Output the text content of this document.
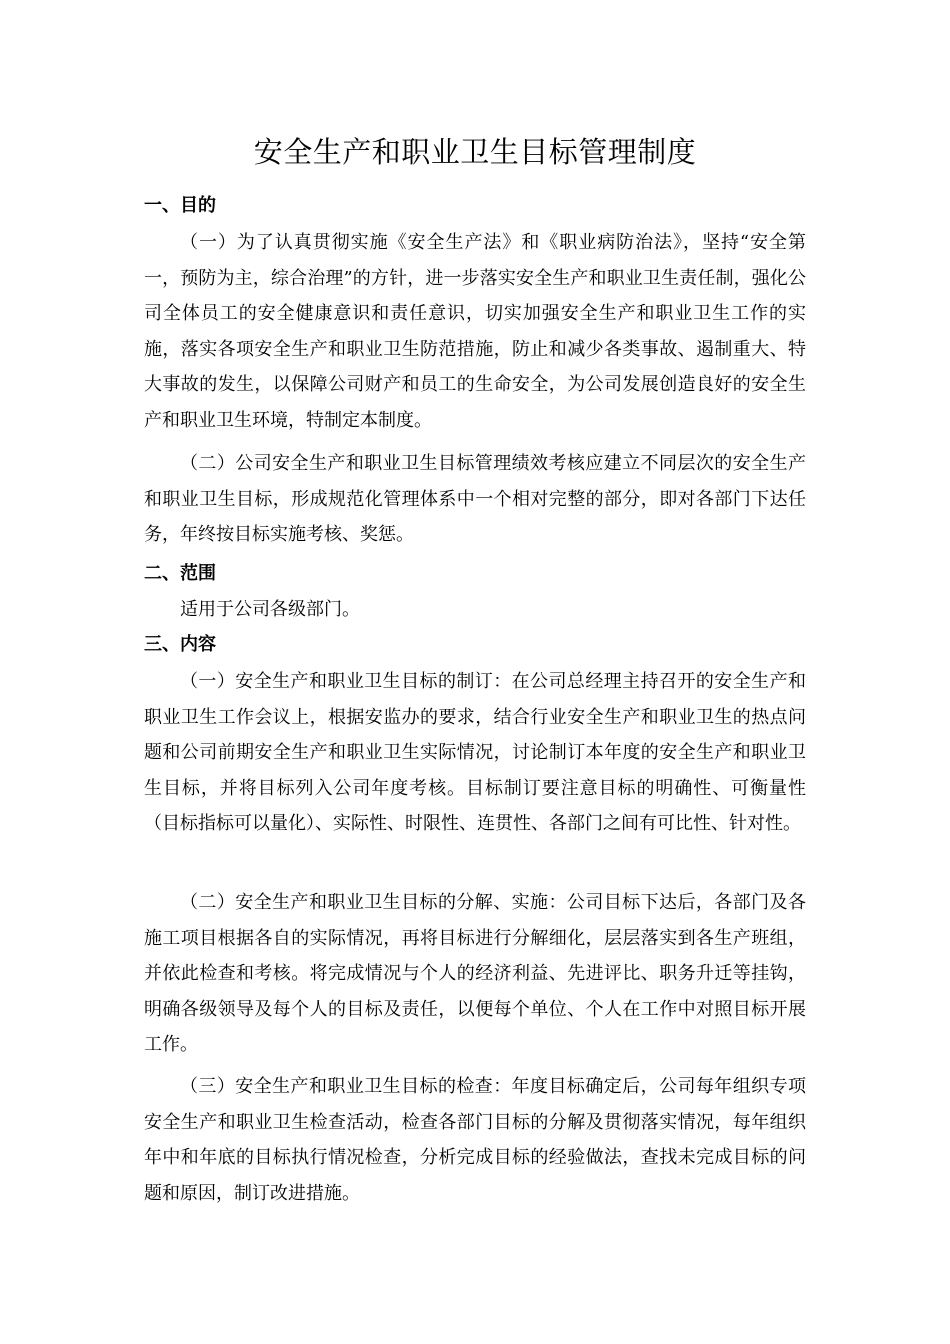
安全生产和职业卫生目标管理制度
一、目的

（一）为了认真贯彻实施《安全生产法》和《职业病防治法》，坚持“安全第一，预防为主，综合治理”的方针，进一步落实安全生产和职业卫生责任制，强化公司全体员工的安全健康意识和责任意识，切实加强安全生产和职业卫生工作的实施，落实各项安全生产和职业卫生防范措施，防止和减少各类事故、遏制重大、特大事故的发生，以保障公司财产和员工的生命安全，为公司发展创造良好的安全生产和职业卫生环境，特制定本制度。

（二）公司安全生产和职业卫生目标管理绩效考核应建立不同层次的安全生产和职业卫生目标，形成规范化管理体系中一个相对完整的部分，即对各部门下达任务，年终按目标实施考核、奖惩。

二、范围

适用于公司各级部门。

三、内容

（一）安全生产和职业卫生目标的制订：在公司总经理主持召开的安全生产和职业卫生工作会议上，根据安监办的要求，结合行业安全生产和职业卫生的热点问题和公司前期安全生产和职业卫生实际情况，讨论制订本年度的安全生产和职业卫生目标，并将目标列入公司年度考核。目标制订要注意目标的明确性、可衡量性（目标指标可以量化）、实际性、时限性、连贯性、各部门之间有可比性、针对性。

（二）安全生产和职业卫生目标的分解、实施：公司目标下达后，各部门及各施工项目根据各自的实际情况，再将目标进行分解细化，层层落实到各生产班组，并依此检查和考核。将完成情况与个人的经济利益、先进评比、职务升迁等挂钩，明确各级领导及每个人的目标及责任，以便每个单位、个人在工作中对照目标开展工作。

（三）安全生产和职业卫生目标的检查：年度目标确定后，公司每年组织专项安全生产和职业卫生检查活动，检查各部门目标的分解及贯彻落实情况，每年组织年中和年底的目标执行情况检查，分析完成目标的经验做法，查找未完成目标的问题和原因，制订改进措施。
